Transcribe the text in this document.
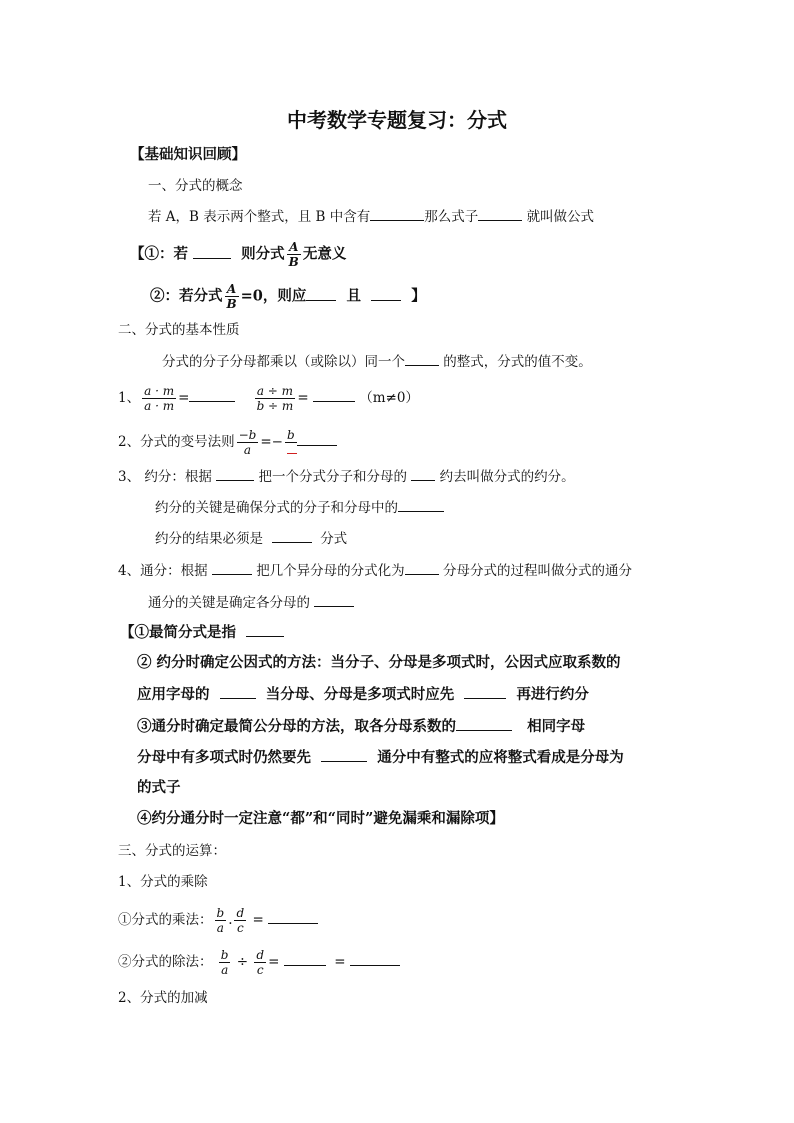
中考数学专题复习：分式
【基础知识回顾】
一、分式的概念
若 A，B 表示两个整式，且 B 中含有	那么式子	就叫做公式
【①：若	则分式 $\frac{A}{B}$ 无意义
②：若分式 $\frac{A}{B} =0$，则应	且	】
二、分式的基本性质
分式的分子分母都乘以（或除以）同一个	的整式，分式的值不变。
1、 $\frac{a \cdot m}{a \cdot m}$ =	$\frac{a \div m}{b \div m}$ =	（m≠0）
2、分式的变号法则 $\frac{-b}{a} =- b$

3、 约分：根据	把一个分式分子和分母的 约去叫做分式的约分。
约分的关键是确保分式的分子和分母中的
约分的结果必须是	分式
4、通分：根据	把几个异分母的分式化为	分母分式的过程叫做分式的通分
通分的关键是确定各分母的
【①最简分式是指
② 约分时确定公因式的方法：当分子、分母是多项式时，公因式应取系数的
应用字母的	当分母、分母是多项式时应先	再进行约分
③通分时确定最简公分母的方法，取各分母系数的	相同字母
分母中有多项式时仍然要先	通分中有整式的应将整式看成是分母为
的式子
④约分通分时一定注意“都”和“同时”避免漏乘和漏除项】
三、分式的运算：
1、分式的乘除
①分式的乘法： $\frac{b}{a}$ . $\frac{d}{c}$ =
②分式的除法： $\frac{b}{a} \div \frac{d}{c}$ =	=
2、分式的加减
